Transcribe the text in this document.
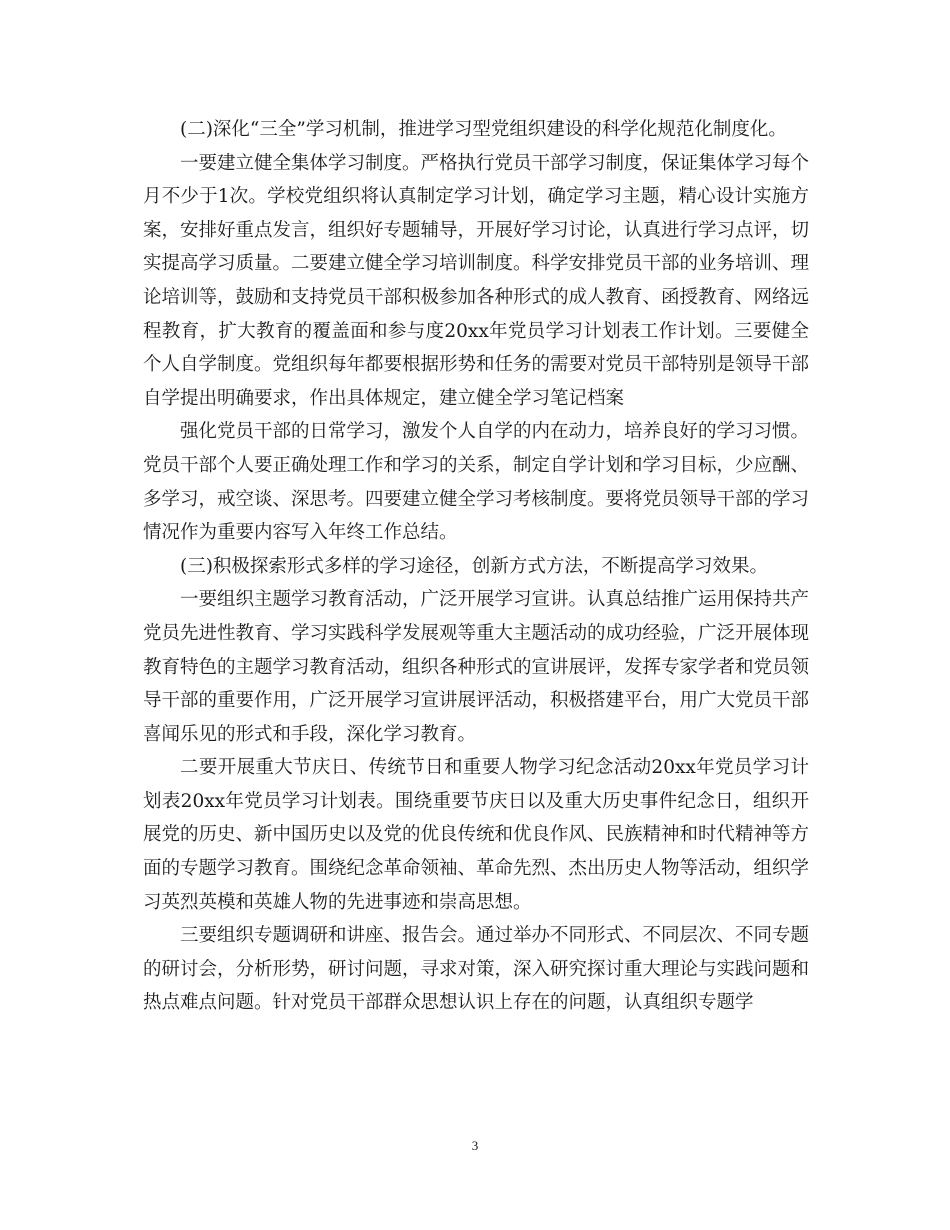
(二)深化“三全”学习机制，推进学习型党组织建设的科学化规范化制度化。

一要建立健全集体学习制度。严格执行党员干部学习制度，保证集体学习每个月不少于1次。学校党组织将认真制定学习计划，确定学习主题，精心设计实施方案，安排好重点发言，组织好专题辅导，开展好学习讨论，认真进行学习点评，切实提高学习质量。二要建立健全学习培训制度。科学安排党员干部的业务培训、理论培训等，鼓励和支持党员干部积极参加各种形式的成人教育、函授教育、网络远程教育，扩大教育的覆盖面和参与度20xx年党员学习计划表工作计划。三要健全个人自学制度。党组织每年都要根据形势和任务的需要对党员干部特别是领导干部自学提出明确要求，作出具体规定，建立健全学习笔记档案

强化党员干部的日常学习，激发个人自学的内在动力，培养良好的学习习惯。党员干部个人要正确处理工作和学习的关系，制定自学计划和学习目标，少应酬、多学习，戒空谈、深思考。四要建立健全学习考核制度。要将党员领导干部的学习情况作为重要内容写入年终工作总结。

(三)积极探索形式多样的学习途径，创新方式方法，不断提高学习效果。

一要组织主题学习教育活动，广泛开展学习宣讲。认真总结推广运用保持共产党员先进性教育、学习实践科学发展观等重大主题活动的成功经验，广泛开展体现教育特色的主题学习教育活动，组织各种形式的宣讲展评，发挥专家学者和党员领导干部的重要作用，广泛开展学习宣讲展评活动，积极搭建平台，用广大党员干部喜闻乐见的形式和手段，深化学习教育。

二要开展重大节庆日、传统节日和重要人物学习纪念活动20xx年党员学习计划表20xx年党员学习计划表。围绕重要节庆日以及重大历史事件纪念日，组织开展党的历史、新中国历史以及党的优良传统和优良作风、民族精神和时代精神等方面的专题学习教育。围绕纪念革命领袖、革命先烈、杰出历史人物等活动，组织学习英烈英模和英雄人物的先进事迹和崇高思想。

三要组织专题调研和讲座、报告会。通过举办不同形式、不同层次、不同专题的研讨会，分析形势，研讨问题，寻求对策，深入研究探讨重大理论与实践问题和热点难点问题。针对党员干部群众思想认识上存在的问题，认真组织专题学

3
